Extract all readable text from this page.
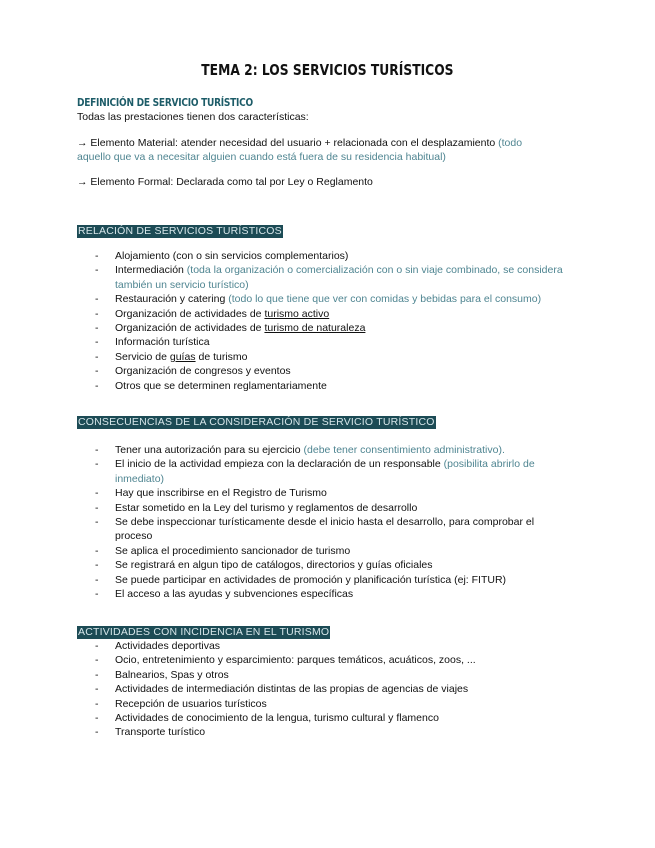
TEMA 2: LOS SERVICIOS TURÍSTICOS
DEFINICIÓN DE SERVICIO TURÍSTICO
Todas las prestaciones tienen dos características:
→ Elemento Material: atender necesidad del usuario + relacionada con el desplazamiento (todo
aquello que va a necesitar alguien cuando está fuera de su residencia habitual)
→ Elemento Formal: Declarada como tal por Ley o Reglamento
RELACIÓN DE SERVICIOS TURÍSTICOS
- Alojamiento (con o sin servicios complementarios)
- Intermediación (toda la organización o comercialización con o sin viaje combinado, se considera también un servicio turístico)
- Restauración y catering (todo lo que tiene que ver con comidas y bebidas para el consumo)
- Organización de actividades de turismo activo
- Organización de actividades de turismo de naturaleza
- Información turística
- Servicio de guías de turismo
- Organización de congresos y eventos
- Otros que se determinen reglamentariamente
CONSECUENCIAS DE LA CONSIDERACIÓN DE SERVICIO TURÍSTICO
- Tener una autorización para su ejercicio (debe tener consentimiento administrativo).
- El inicio de la actividad empieza con la declaración de un responsable (posibilita abrirlo de inmediato)
- Hay que inscribirse en el Registro de Turismo
- Estar sometido en la Ley del turismo y reglamentos de desarrollo
- Se debe inspeccionar turísticamente desde el inicio hasta el desarrollo, para comprobar el proceso
- Se aplica el procedimiento sancionador de turismo
- Se registrará en algun tipo de catálogos, directorios y guías oficiales
- Se puede participar en actividades de promoción y planificación turística (ej: FITUR)
- El acceso a las ayudas y subvenciones específicas
ACTIVIDADES CON INCIDENCIA EN EL TURISMO
- Actividades deportivas
- Ocio, entretenimiento y esparcimiento: parques temáticos, acuáticos, zoos, ...
- Balnearios, Spas y otros
- Actividades de intermediación distintas de las propias de agencias de viajes
- Recepción de usuarios turísticos
- Actividades de conocimiento de la lengua, turismo cultural y flamenco
- Transporte turístico
